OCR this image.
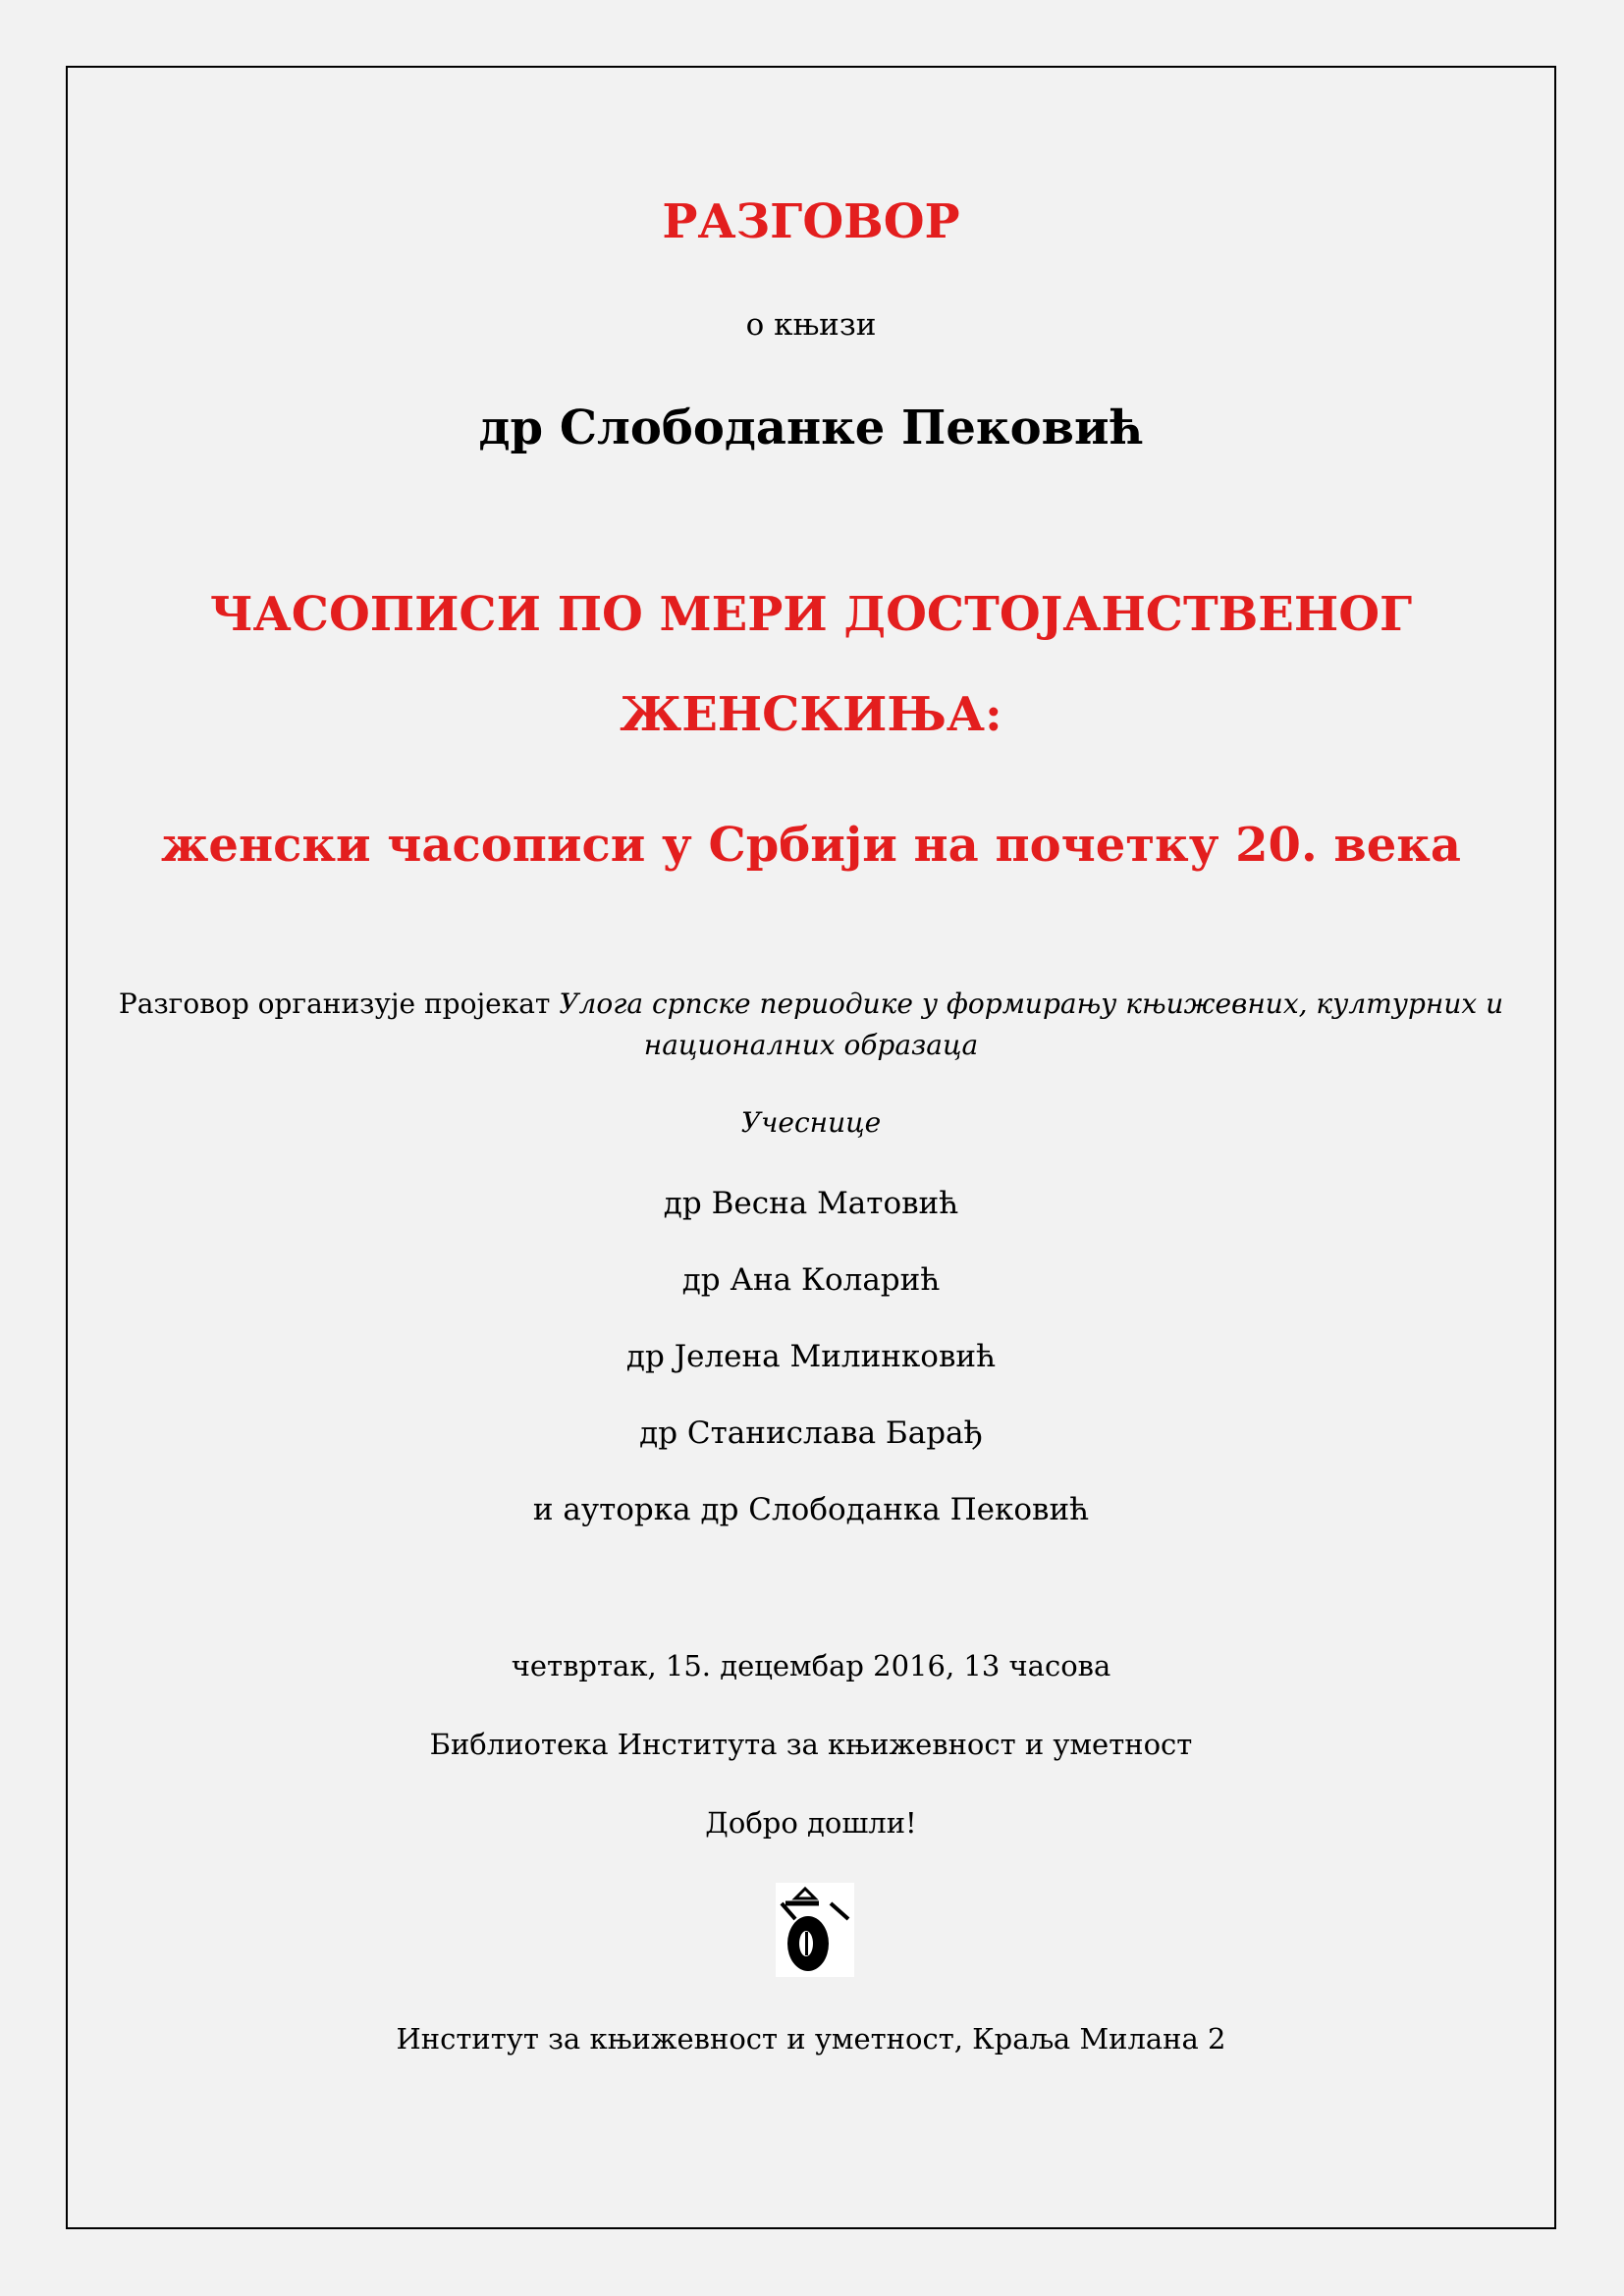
РАЗГОВОР
о књизи
др Слободанке Пековић
ЧАСОПИСИ ПО МЕРИ ДОСТОЈАНСТВЕНОГ
ЖЕНСКИЊА:
женски часописи у Србији на почетку 20. века
Разговор организује пројекат Улога српске периодике у формирању књижевних, културних и
националних образаца
Учеснице
др Весна Матовић
др Ана Коларић
др Јелена Милинковић
др Станислава Барађ
и ауторка др Слободанка Пековић
четвртак, 15. децембар 2016, 13 часова
Библиотека Института за књижевност и уметност
Добро дошли!
Институт за књижевност и уметност, Краља Милана 2
